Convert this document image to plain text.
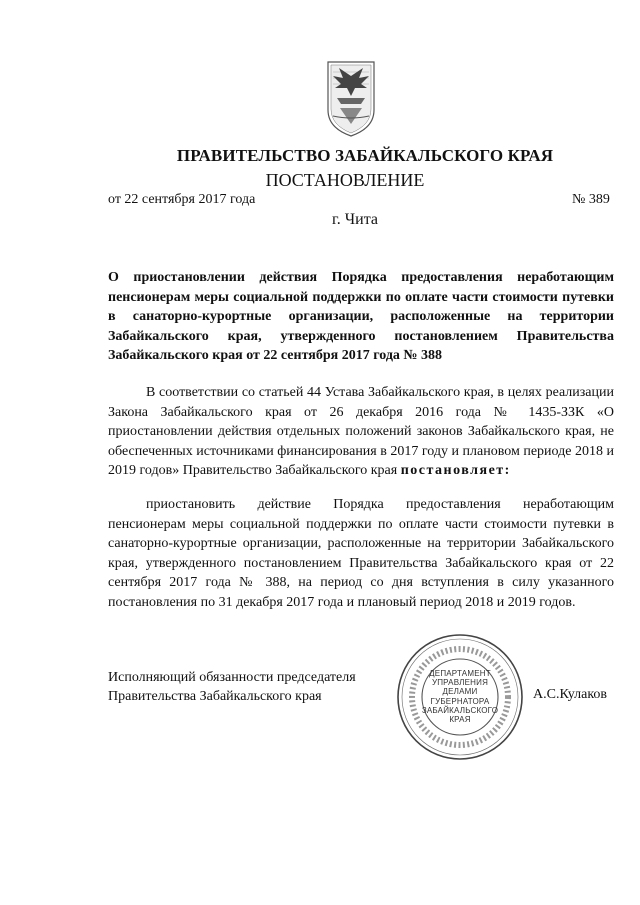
ПРАВИТЕЛЬСТВО ЗАБАЙКАЛЬСКОГО КРАЯ
ПОСТАНОВЛЕНИЕ
от 22 сентября 2017 года	№ 389
г. Чита
О приостановлении действия Порядка предоставления неработающим пенсионерам меры социальной поддержки по оплате части стоимости путевки в санаторно-курортные организации, расположенные на территории Забайкальского края, утвержденного постановлением Правительства Забайкальского края от 22 сентября 2017 года № 388

В соответствии со статьей 44 Устава Забайкальского края, в целях реализации Закона Забайкальского края от 26 декабря 2016 года № 1435-ЗЗК «О приостановлении действия отдельных положений законов Забайкальского края, не обеспеченных источниками финансирования в 2017 году и плановом периоде 2018 и 2019 годов» Правительство Забайкальского края постановляет:

приостановить действие Порядка предоставления неработающим пенсионерам меры социальной поддержки по оплате части стоимости путевки в санаторно-курортные организации, расположенные на территории Забайкальского края, утвержденного постановлением Правительства Забайкальского края от 22 сентября 2017 года № 388, на период со дня вступления в силу указанного постановления по 31 декабря 2017 года и плановый период 2018 и 2019 годов.

Исполняющий обязанности председателя
Правительства Забайкальского края
ДЕПАРТАМЕНТ
УПРАВЛЕНИЯ
ДЕЛАМИ
ГУБЕРНАТОРА
ЗАБАЙКАЛЬСКОГО
КРАЯ
А.С.Кулаков
